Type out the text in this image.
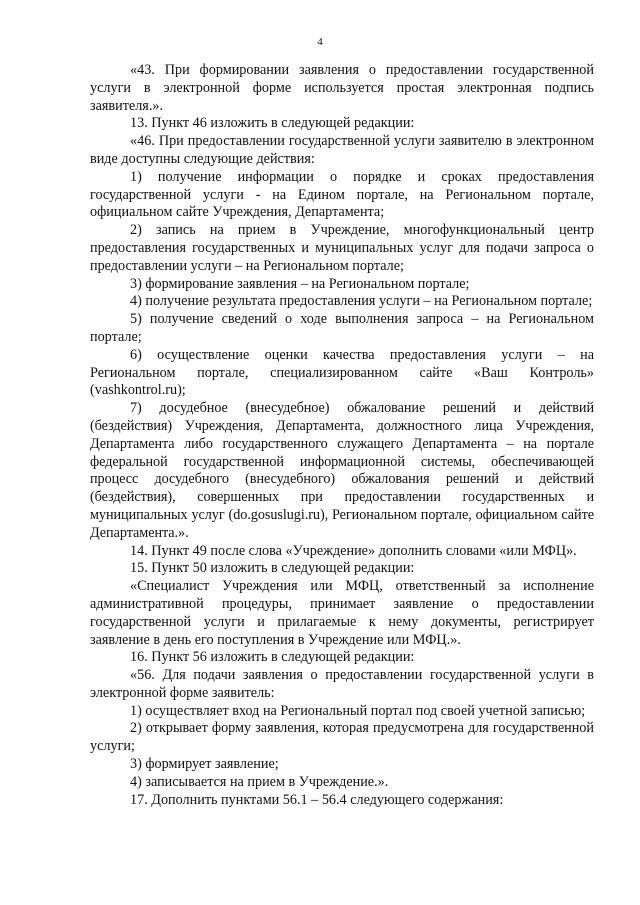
4

«43. При формировании заявления о предоставлении государственной услуги в электронной форме используется простая электронная подпись заявителя.».

13. Пункт 46 изложить в следующей редакции:

«46. При предоставлении государственной услуги заявителю в электронном виде доступны следующие действия:

1) получение информации о порядке и сроках предоставления государственной услуги - на Едином портале, на Региональном портале, официальном сайте Учреждения, Департамента;

2) запись на прием в Учреждение, многофункциональный центр предоставления государственных и муниципальных услуг для подачи запроса о предоставлении услуги – на Региональном портале;

3) формирование заявления – на Региональном портале;

4) получение результата предоставления услуги – на Региональном портале;

5) получение сведений о ходе выполнения запроса – на Региональном портале;

6) осуществление оценки качества предоставления услуги – на Региональном портале, специализированном сайте «Ваш Контроль» (vashkontrol.ru);

7) досудебное (внесудебное) обжалование решений и действий (бездействия) Учреждения, Департамента, должностного лица Учреждения, Департамента либо государственного служащего Департамента – на портале федеральной государственной информационной системы, обеспечивающей процесс досудебного (внесудебного) обжалования решений и действий (бездействия), совершенных при предоставлении государственных и муниципальных услуг (do.gosuslugi.ru), Региональном портале, официальном сайте Департамента.».

14. Пункт 49 после слова «Учреждение» дополнить словами «или МФЦ».

15. Пункт 50 изложить в следующей редакции:

«Специалист Учреждения или МФЦ, ответственный за исполнение административной процедуры, принимает заявление о предоставлении государственной услуги и прилагаемые к нему документы, регистрирует заявление в день его поступления в Учреждение или МФЦ.».

16. Пункт 56 изложить в следующей редакции:

«56. Для подачи заявления о предоставлении государственной услуги в электронной форме заявитель:

1) осуществляет вход на Региональный портал под своей учетной записью;

2) открывает форму заявления, которая предусмотрена для государственной услуги;

3) формирует заявление;

4) записывается на прием в Учреждение.».

17. Дополнить пунктами 56.1 – 56.4 следующего содержания:
